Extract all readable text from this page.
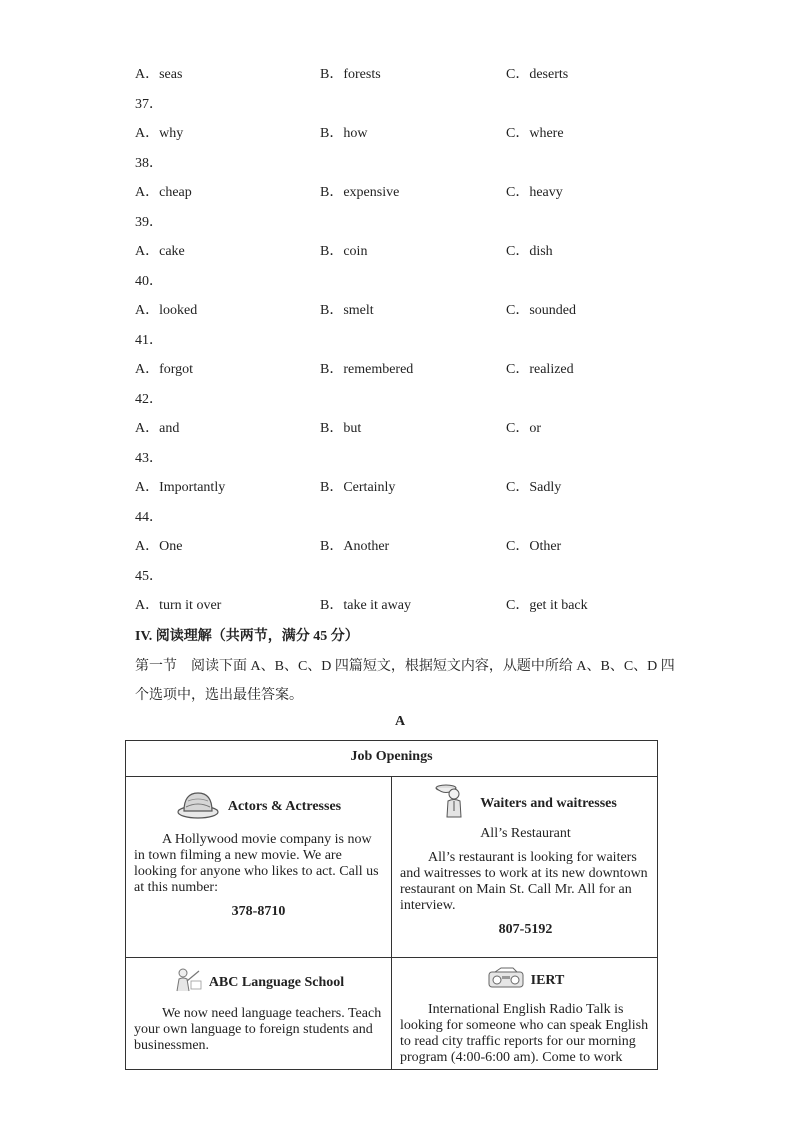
A．seas	B．forests	C．deserts
37．
A．why	B．how	C．where
38．
A．cheap	B．expensive	C．heavy
39．
A．cake	B．coin	C．dish
40．
A．looked	B．smelt	C．sounded
41．
A．forgot	B．remembered	C．realized
42．
A．and	B．but	C．or
43．
A．Importantly	B．Certainly	C．Sadly
44．
A．One	B．Another	C．Other
45．
A．turn it over	B．take it away	C．get it back
IV. 阅读理解（共两节，满分 45 分）
第一节　阅读下面 A、B、C、D 四篇短文，根据短文内容，从题中所给 A、B、C、D 四个选项中，选出最佳答案。
A
Job Openings
Actors & Actresses

A Hollywood movie company is now in town filming a new movie. We are looking for anyone who likes to act. Call us at this number:

378-8710
Waiters and waitresses
All’s Restaurant

All’s restaurant is looking for waiters and waitresses to work at its new downtown restaurant on Main St. Call Mr. All for an interview.

807-5192
ABC Language School

We now need language teachers. Teach your own language to foreign students and businessmen.

IERT

International English Radio Talk is looking for someone who can speak English to read city traffic reports for our morning program (4:00-6:00 am). Come to work
